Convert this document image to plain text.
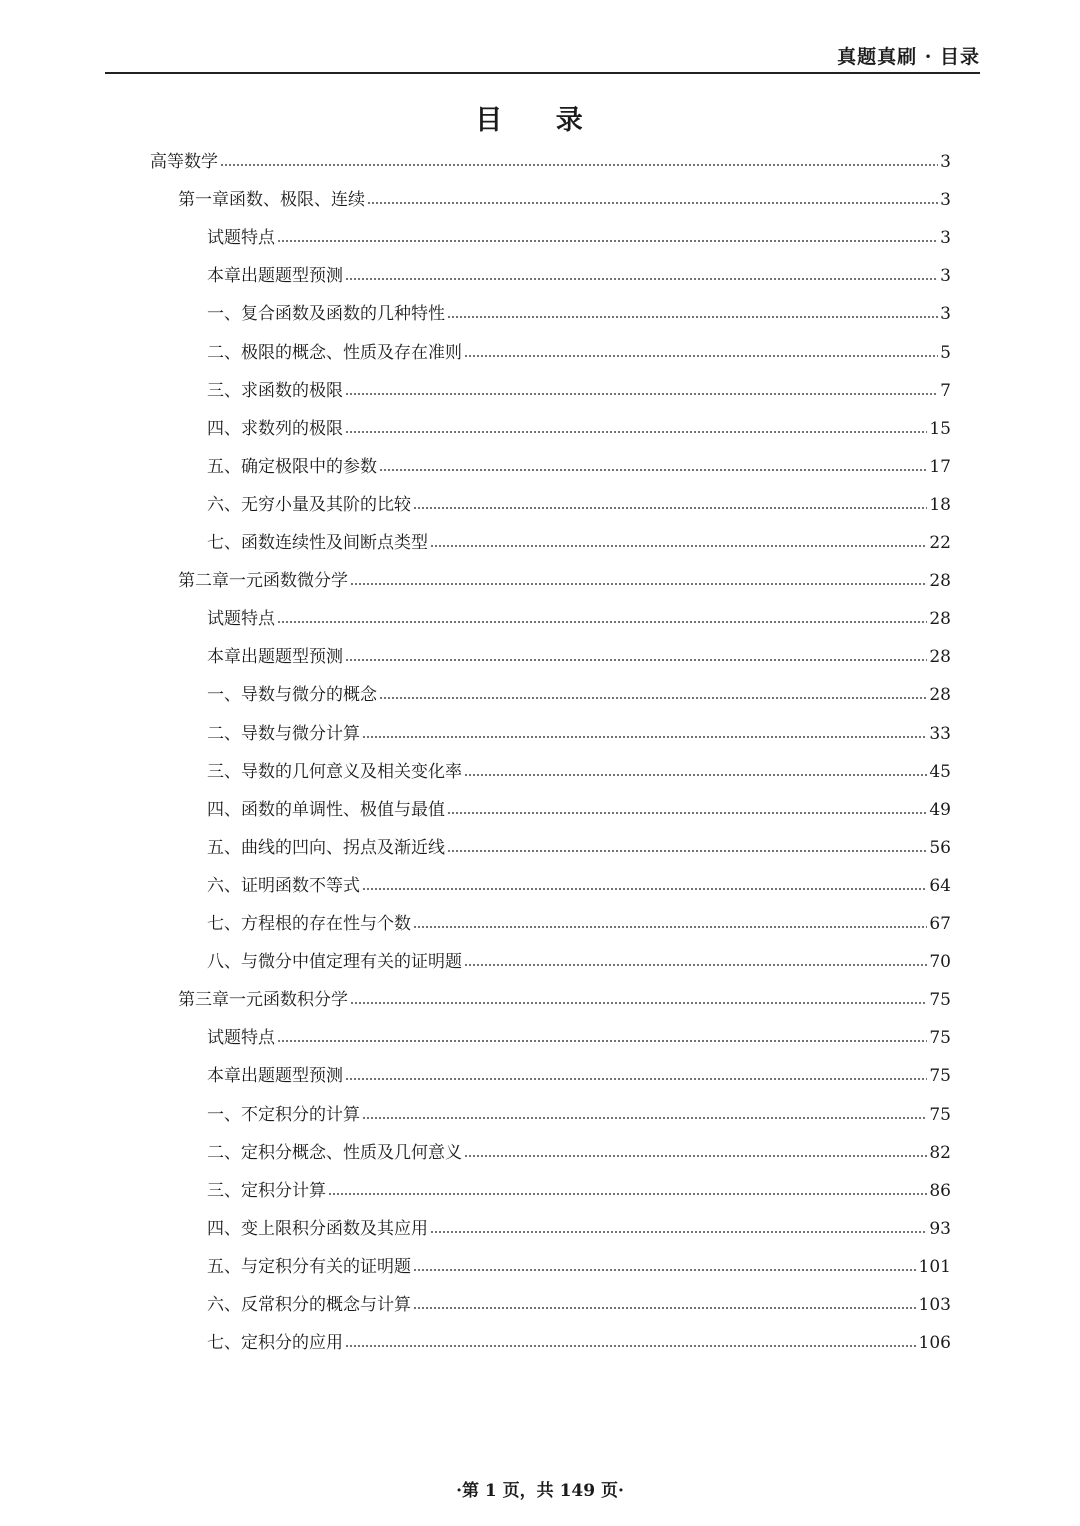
真题真刷 · 目录
目 录
高等数学	3
第一章函数、极限、连续	3
试题特点	3
本章出题题型预测	3
一、复合函数及函数的几种特性	3
二、极限的概念、性质及存在准则	5
三、求函数的极限	7
四、求数列的极限	15
五、确定极限中的参数	17
六、无穷小量及其阶的比较	18
七、函数连续性及间断点类型	22
第二章一元函数微分学	28
试题特点	28
本章出题题型预测	28
一、导数与微分的概念	28
二、导数与微分计算	33
三、导数的几何意义及相关变化率	45
四、函数的单调性、极值与最值	49
五、曲线的凹向、拐点及渐近线	56
六、证明函数不等式	64
七、方程根的存在性与个数	67
八、与微分中值定理有关的证明题	70
第三章一元函数积分学	75
试题特点	75
本章出题题型预测	75
一、不定积分的计算	75
二、定积分概念、性质及几何意义	82
三、定积分计算	86
四、变上限积分函数及其应用	93
五、与定积分有关的证明题	101
六、反常积分的概念与计算	103
七、定积分的应用	106
·第 1 页，共 149 页·
